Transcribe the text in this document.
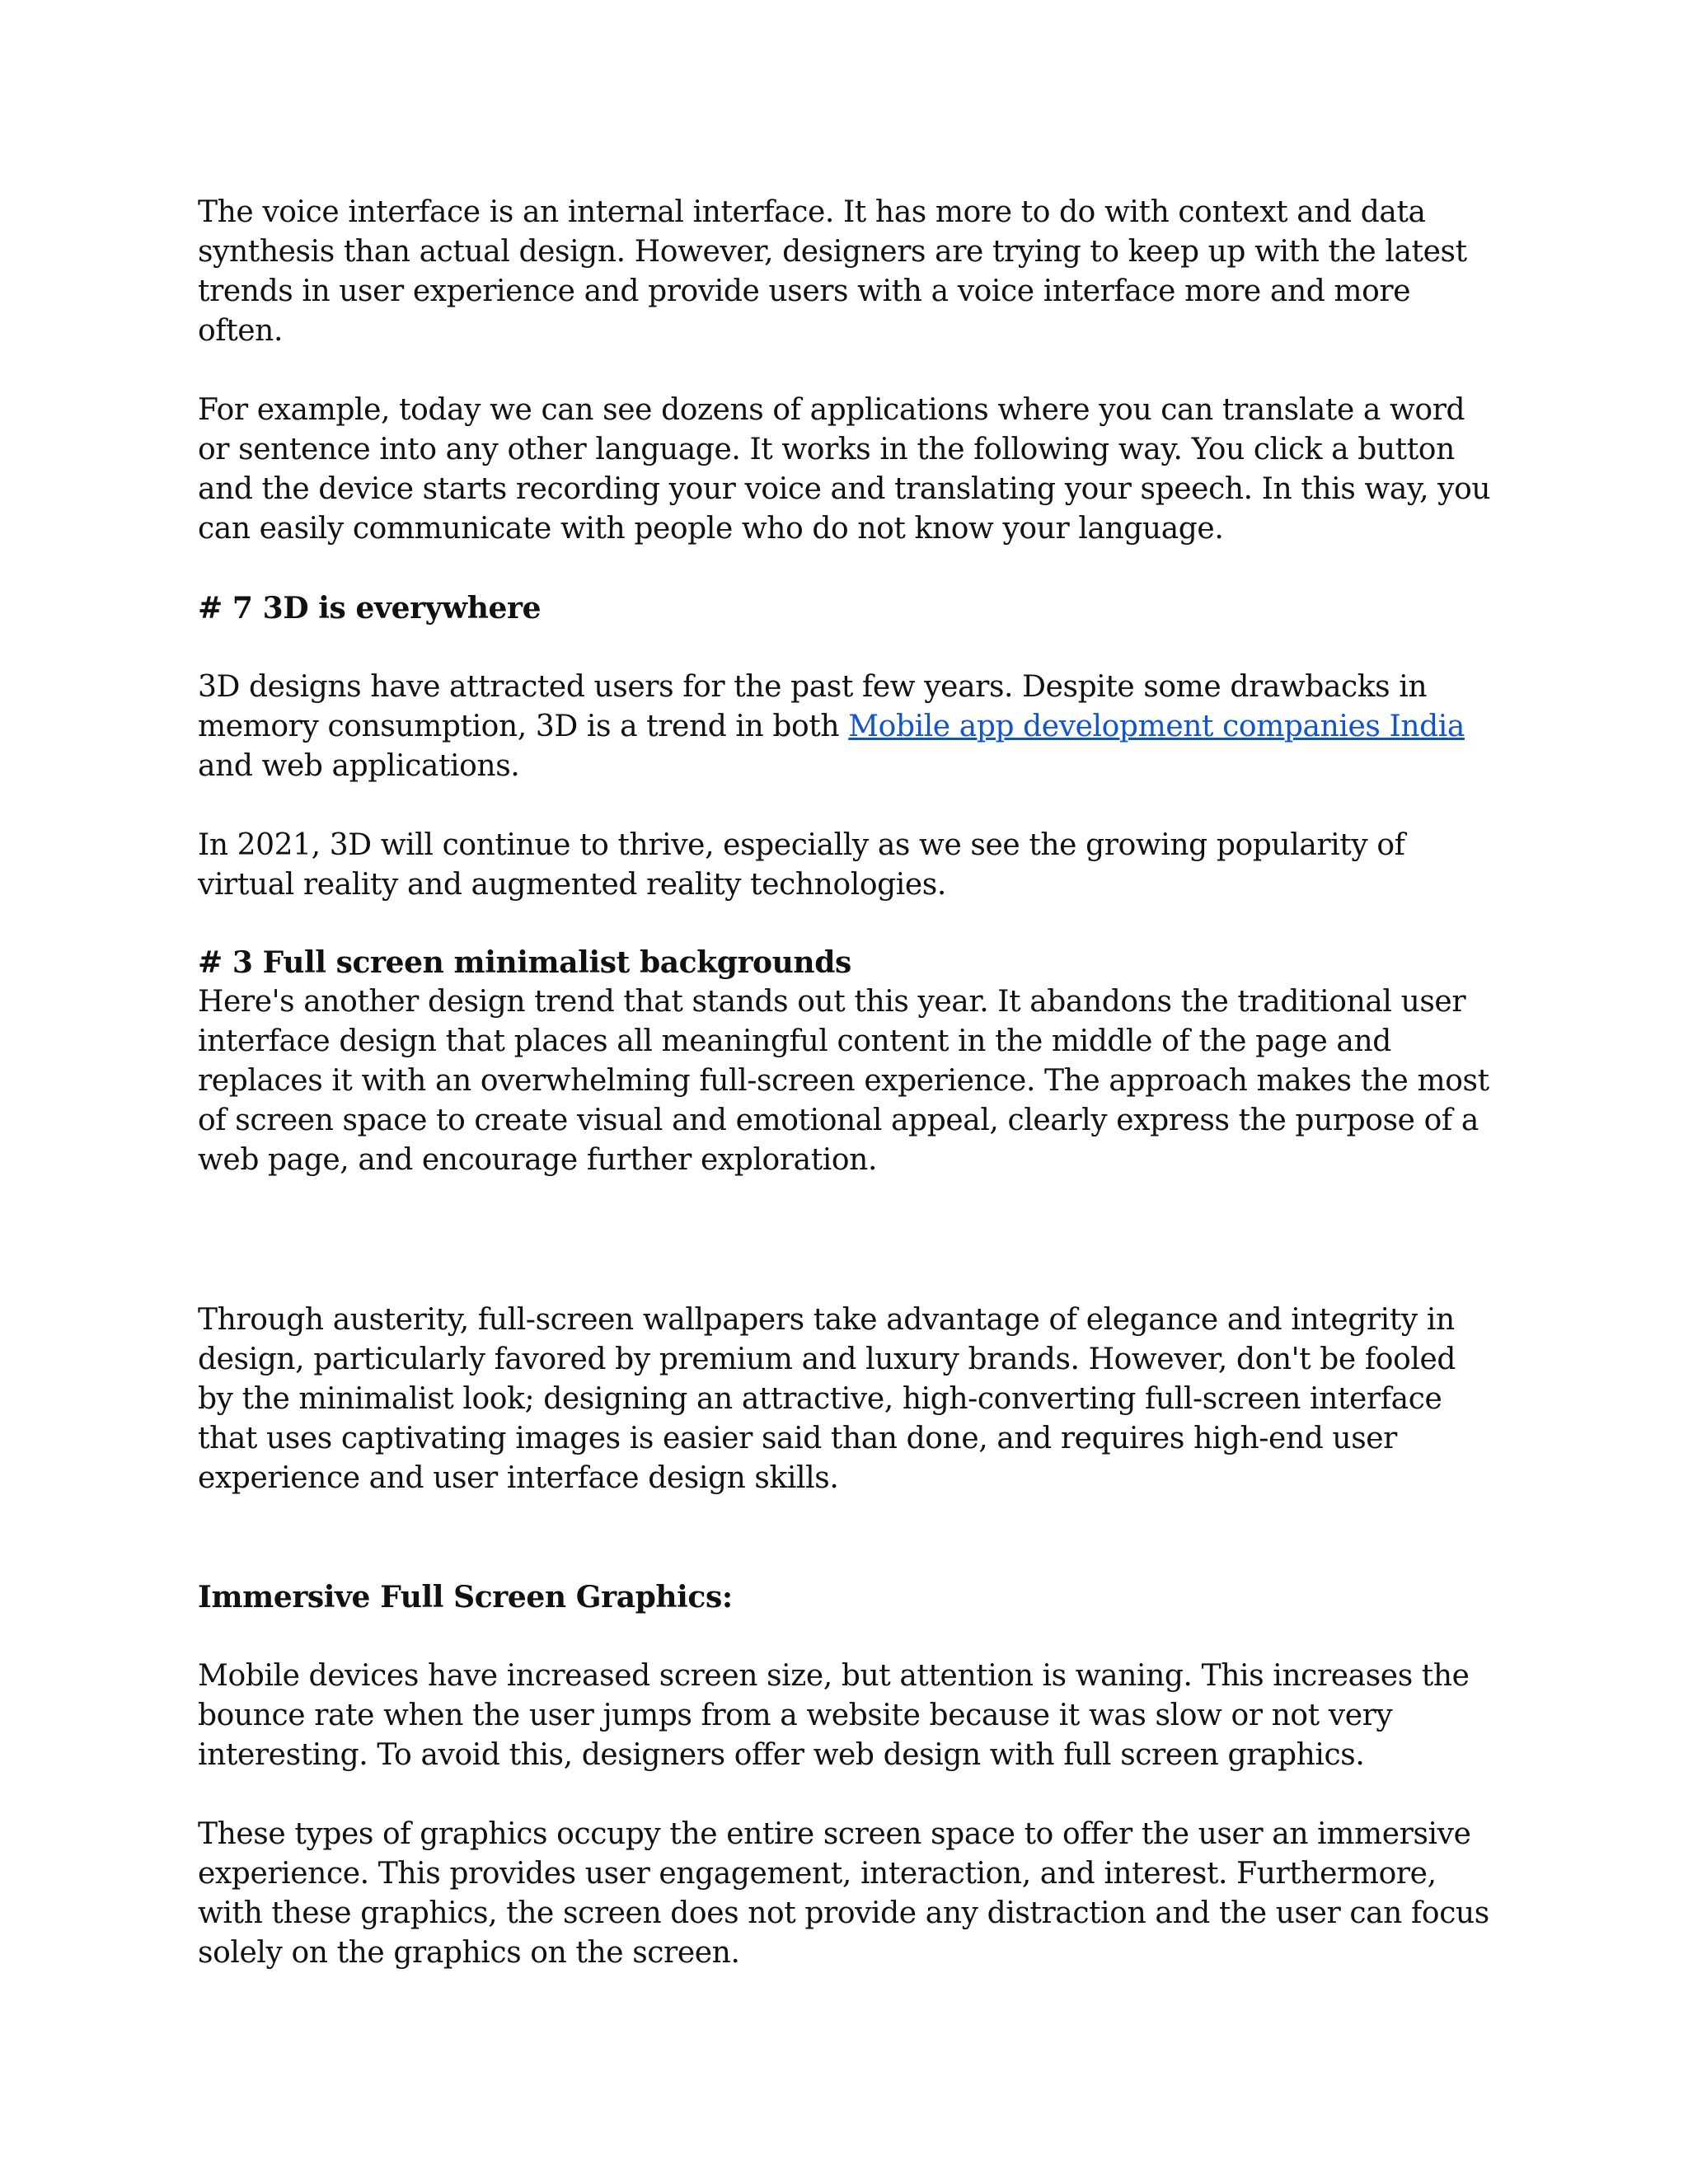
The voice interface is an internal interface. It has more to do with context and data synthesis than actual design. However, designers are trying to keep up with the latest trends in user experience and provide users with a voice interface more and more often.

For example, today we can see dozens of applications where you can translate a word or sentence into any other language. It works in the following way. You click a button and the device starts recording your voice and translating your speech. In this way, you can easily communicate with people who do not know your language.

# 7 3D is everywhere

3D designs have attracted users for the past few years. Despite some drawbacks in memory consumption, 3D is a trend in both Mobile app development companies India and web applications.

In 2021, 3D will continue to thrive, especially as we see the growing popularity of virtual reality and augmented reality technologies.

# 3 Full screen minimalist backgrounds

Here's another design trend that stands out this year. It abandons the traditional user interface design that places all meaningful content in the middle of the page and replaces it with an overwhelming full-screen experience. The approach makes the most of screen space to create visual and emotional appeal, clearly express the purpose of a web page, and encourage further exploration.

Through austerity, full-screen wallpapers take advantage of elegance and integrity in design, particularly favored by premium and luxury brands. However, don't be fooled by the minimalist look; designing an attractive, high-converting full-screen interface that uses captivating images is easier said than done, and requires high-end user experience and user interface design skills.

Immersive Full Screen Graphics:

Mobile devices have increased screen size, but attention is waning. This increases the bounce rate when the user jumps from a website because it was slow or not very interesting. To avoid this, designers offer web design with full screen graphics.

These types of graphics occupy the entire screen space to offer the user an immersive experience. This provides user engagement, interaction, and interest. Furthermore, with these graphics, the screen does not provide any distraction and the user can focus solely on the graphics on the screen.
